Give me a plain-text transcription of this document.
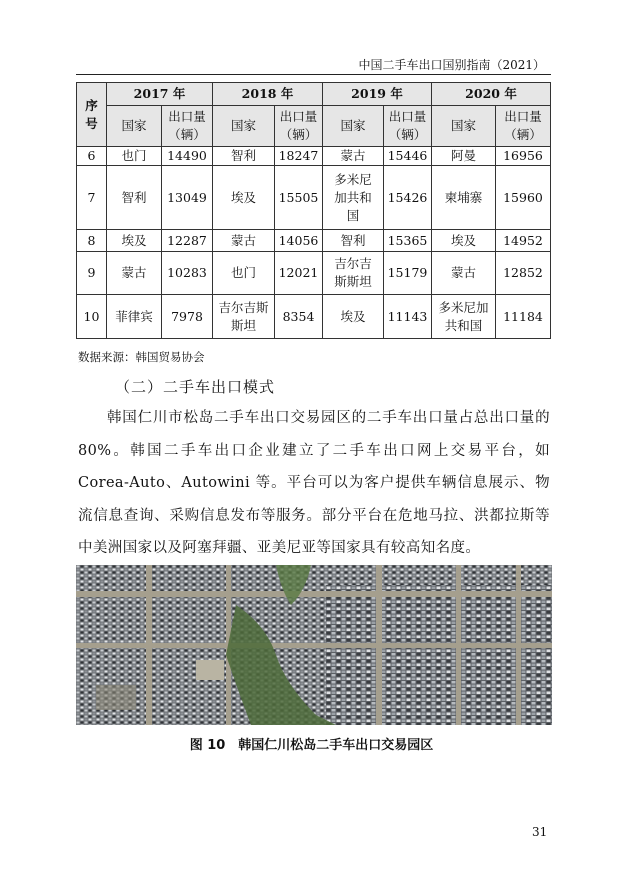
中国二手车出口国别指南（2021）
序号	2017 年		2018 年		2019 年		2020 年	
	国家	出口量（辆）	国家	出口量（辆）	国家	出口量（辆）	国家	出口量（辆）
6	也门	14490	智利	18247	蒙古	15446	阿曼	16956
7	智利	13049	埃及	15505	多米尼加共和国	15426	柬埔寨	15960
8	埃及	12287	蒙古	14056	智利	15365	埃及	14952
9	蒙古	10283	也门	12021	吉尔吉斯斯坦	15179	蒙古	12852
10	菲律宾	7978	吉尔吉斯斯坦	8354	埃及	11143	多米尼加共和国	11184
数据来源：韩国贸易协会
（二）二手车出口模式

韩国仁川市松岛二手车出口交易园区的二手车出口量占总出口量的 80%。韩国二手车出口企业建立了二手车出口网上交易平台，如 Corea-Auto、Autowini 等。平台可以为客户提供车辆信息展示、物流信息查询、采购信息发布等服务。部分平台在危地马拉、洪都拉斯等中美洲国家以及阿塞拜疆、亚美尼亚等国家具有较高知名度。

图 10　韩国仁川松岛二手车出口交易园区
31
